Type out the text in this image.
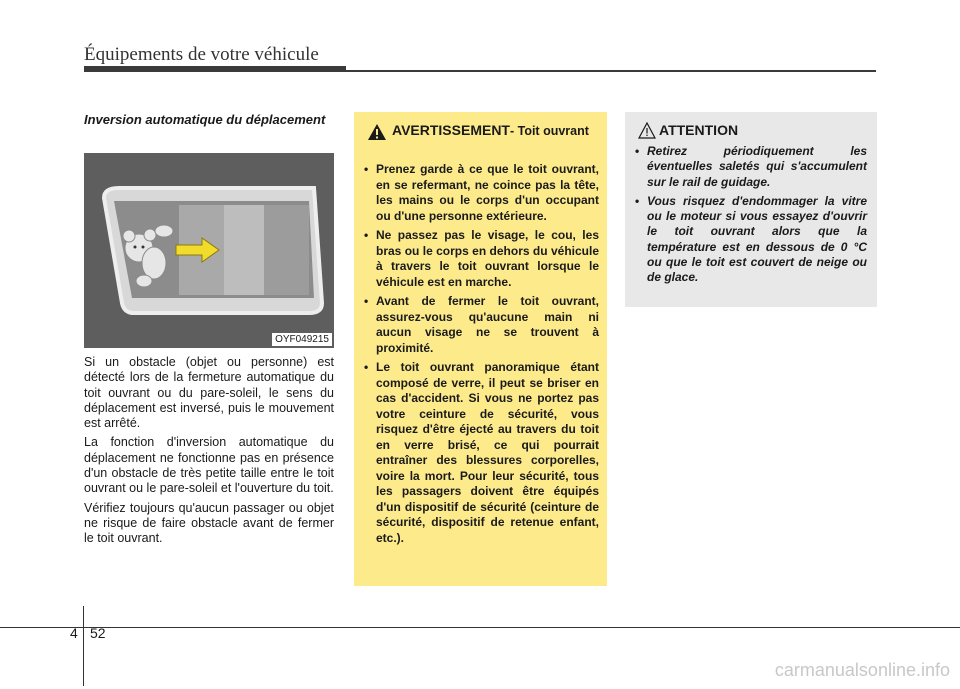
Équipements de votre véhicule

Inversion automatique du déplacement

OYF049215

Si un obstacle (objet ou personne) est détecté lors de la fermeture automatique du toit ouvrant ou du pare-soleil, le sens du déplacement est inversé, puis le mouvement est arrêté.

La fonction d'inversion automatique du déplacement ne fonctionne pas en présence d'un obstacle de très petite taille entre le toit ouvrant ou le pare-soleil et l'ouverture du toit.

Vérifiez toujours qu'aucun passager ou objet ne risque de faire obstacle avant de fermer le toit ouvrant.

AVERTISSEMENT- Toit ouvrant
• Prenez garde à ce que le toit ouvrant, en se refermant, ne coince pas la tête, les mains ou le corps d'un occupant ou d'une personne extérieure.
• Ne passez pas le visage, le cou, les bras ou le corps en dehors du véhicule à travers le toit ouvrant lorsque le véhicule est en marche.
• Avant de fermer le toit ouvrant, assurez-vous qu'aucune main ni aucun visage ne se trouvent à proximité.
• Le toit ouvrant panoramique étant composé de verre, il peut se briser en cas d'accident. Si vous ne portez pas votre ceinture de sécurité, vous risquez d'être éjecté au travers du toit en verre brisé, ce qui pourrait entraîner des blessures corporelles, voire la mort. Pour leur sécurité, tous les passagers doivent être équipés d'un dispositif de sécurité (ceinture de sécurité, dispositif de retenue enfant, etc.).
ATTENTION
• Retirez périodiquement les éventuelles saletés qui s'accumulent sur le rail de guidage.
• Vous risquez d'endommager la vitre ou le moteur si vous essayez d'ouvrir le toit ouvrant alors que la température est en dessous de 0 °C ou que le toit est couvert de neige ou de glace.
4 52
carmanualsonline.info
